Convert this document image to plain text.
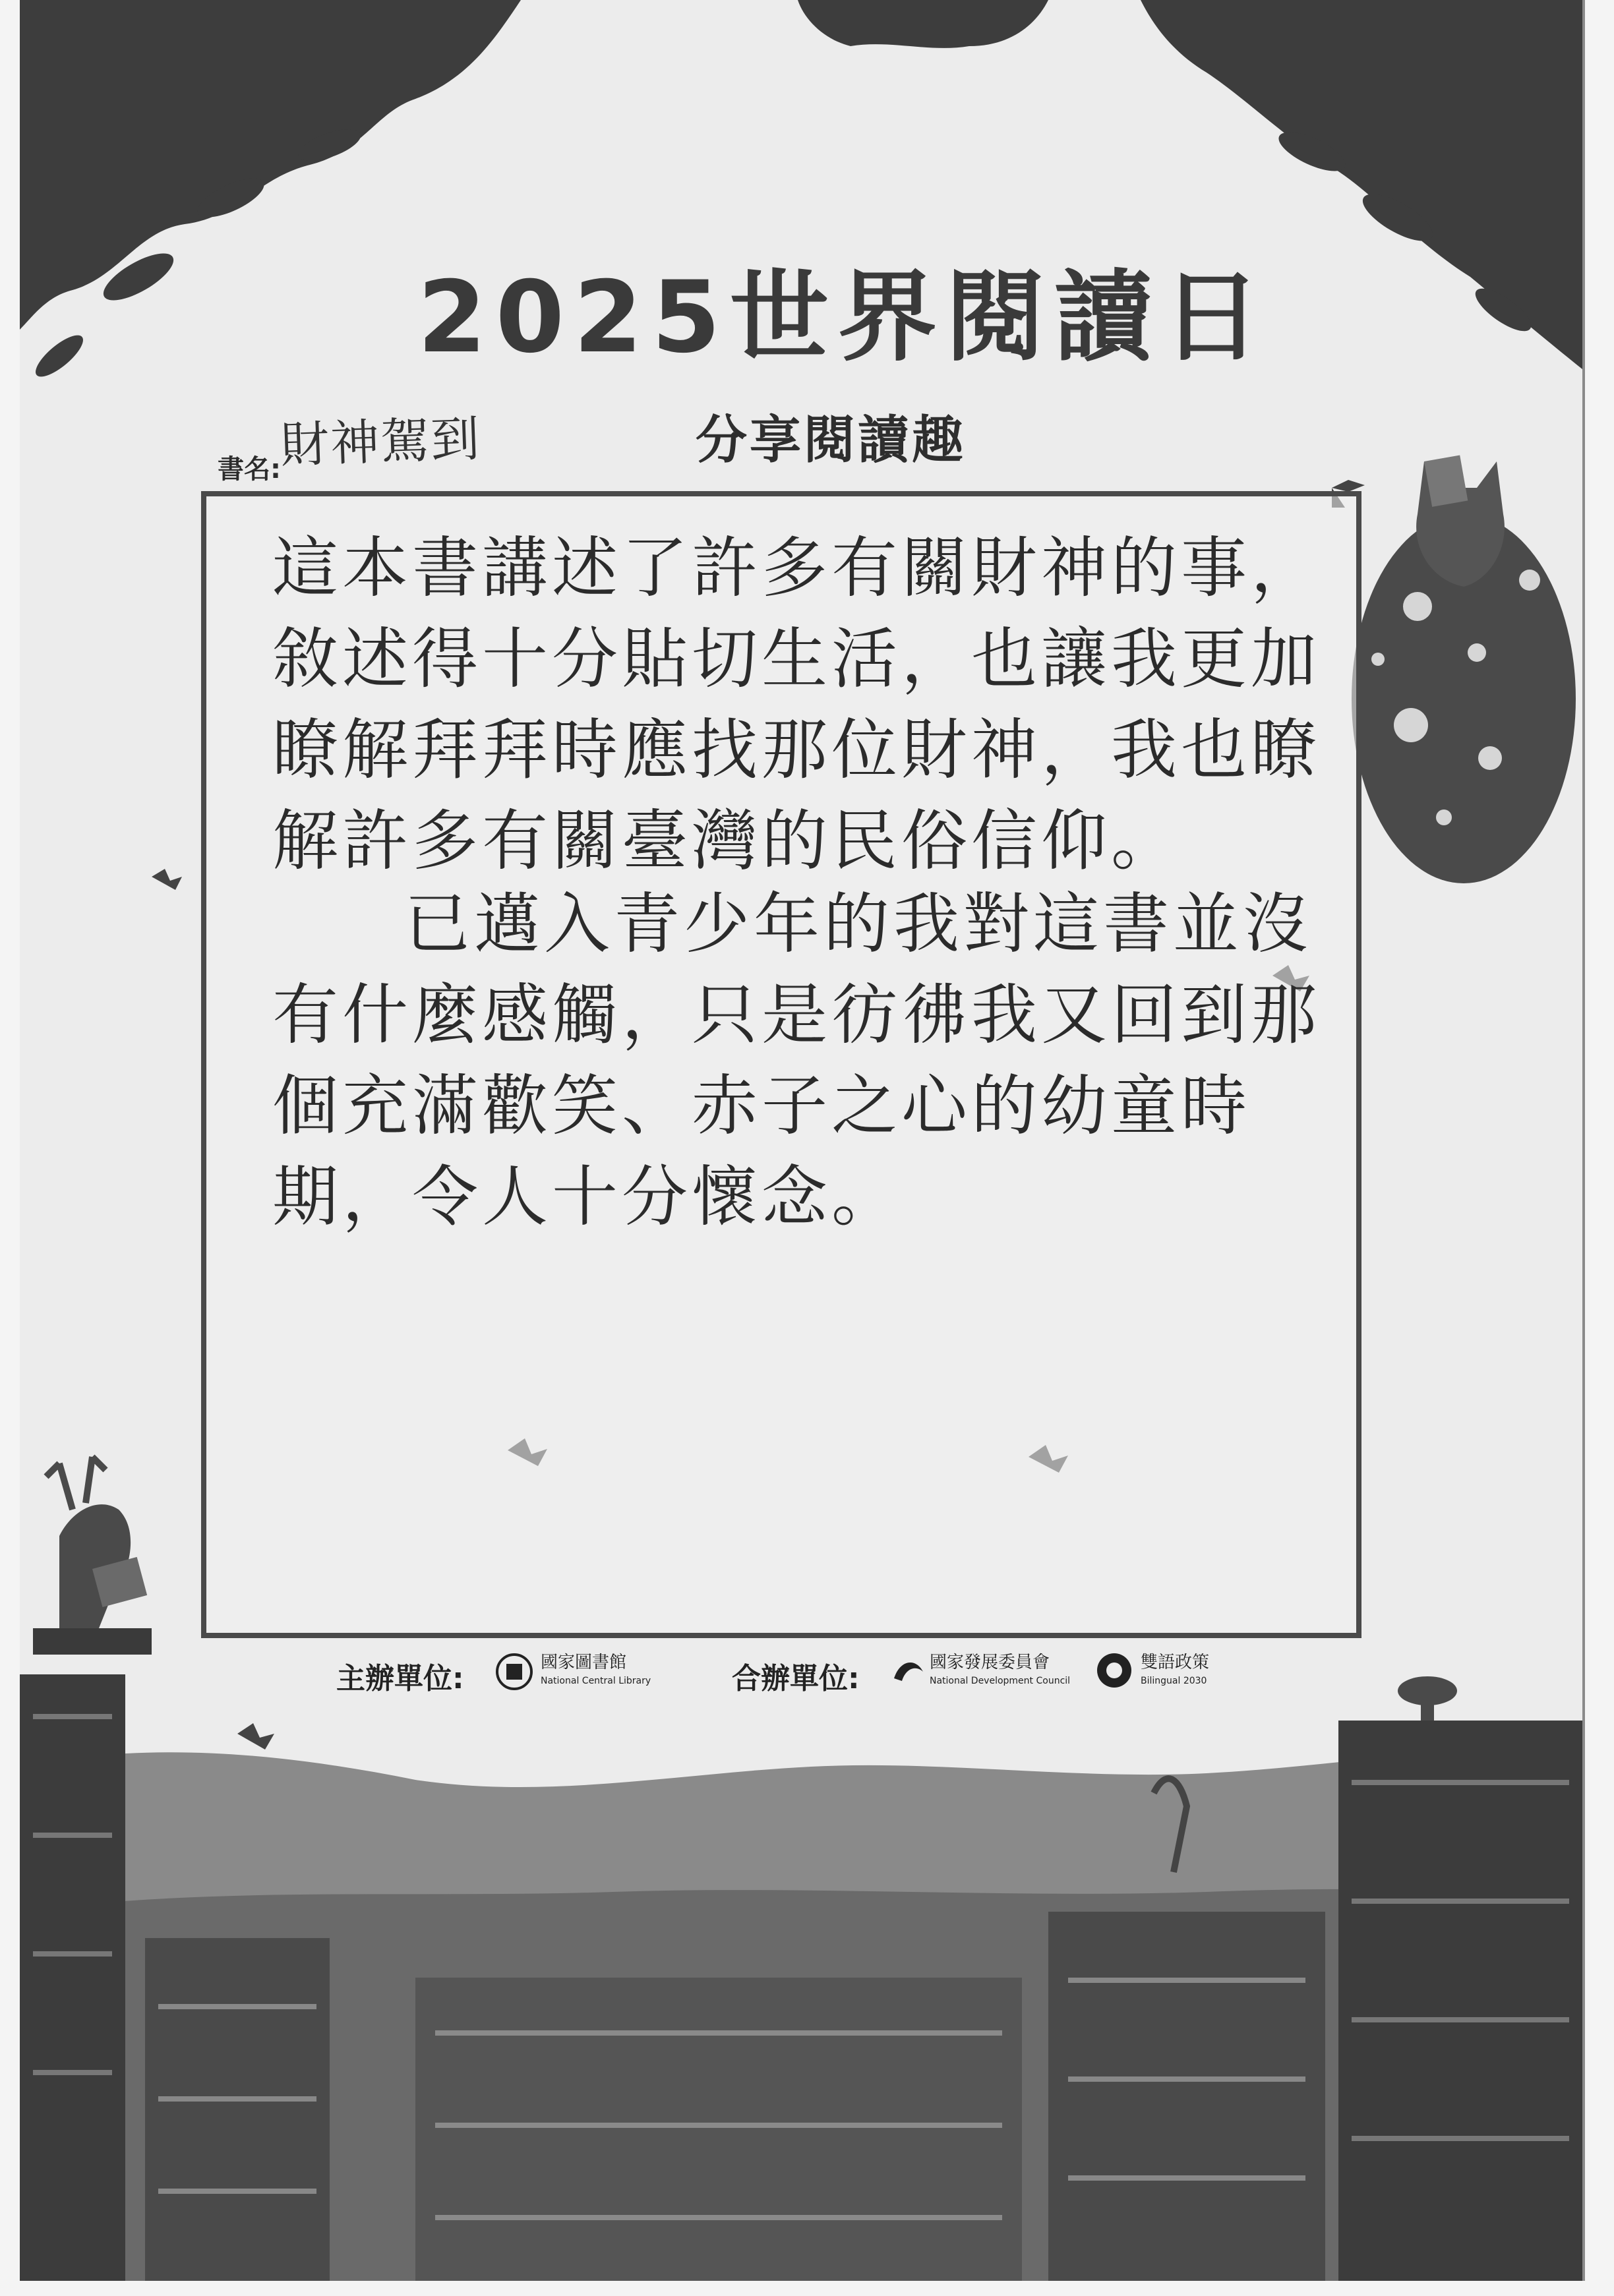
2025世界閱讀日
書名:
財神駕到	分享閱讀趣
這本書講述了許多有關財神的事，敘述得十分貼切生活，也讓我更加瞭解拜拜時應找那位財神，我也瞭解許多有關臺灣的民俗信仰。
已邁入青少年的我對這書並沒有什麼感觸，只是彷彿我又回到那個充滿歡笑、赤子之心的幼童時期，令人十分懷念。
主辦單位:	國家圖書館
National Central Library	合辦單位:	國家發展委員會
National Development Council
雙語政策
Bilingual 2030
